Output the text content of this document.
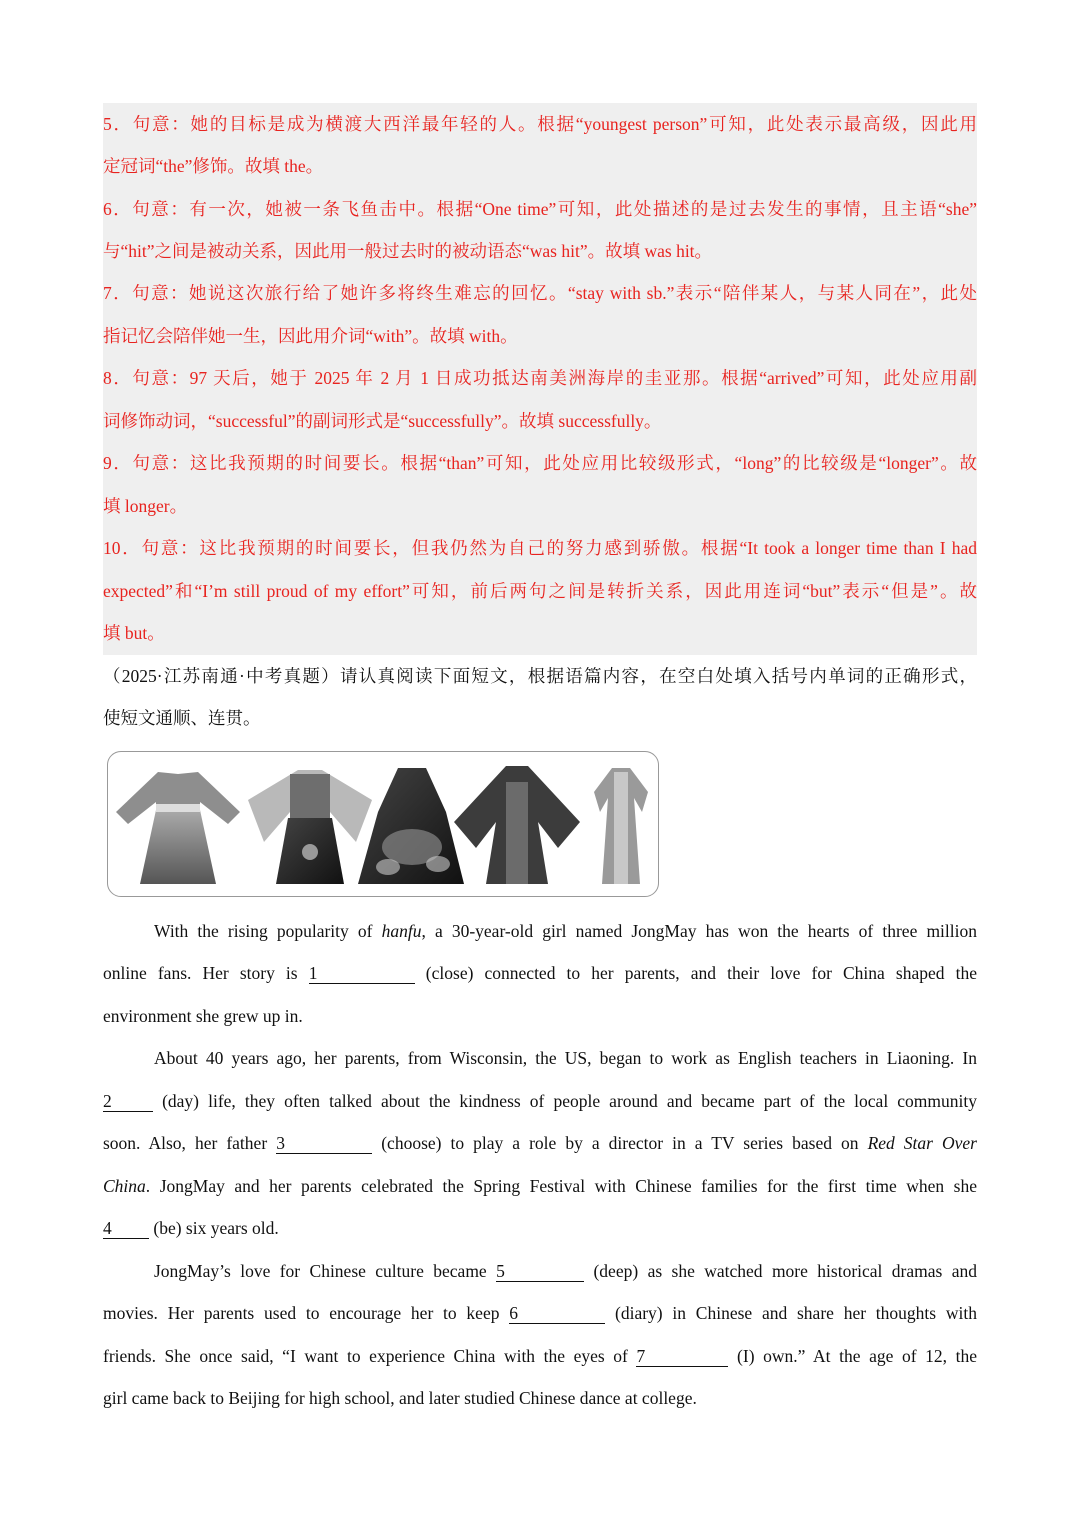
5．句意：她的目标是成为横渡大西洋最年轻的人。根据“youngest person”可知，此处表示最高级，因此用
定冠词“the”修饰。故填 the。
6．句意：有一次，她被一条飞鱼击中。根据“One time”可知，此处描述的是过去发生的事情，且主语“she”
与“hit”之间是被动关系，因此用一般过去时的被动语态“was hit”。故填 was hit。
7．句意：她说这次旅行给了她许多将终生难忘的回忆。“stay with sb.”表示“陪伴某人，与某人同在”，此处
指记忆会陪伴她一生，因此用介词“with”。故填 with。
8．句意：97 天后，她于 2025 年 2 月 1 日成功抵达南美洲海岸的圭亚那。根据“arrived”可知，此处应用副
词修饰动词，“successful”的副词形式是“successfully”。故填 successfully。
9．句意：这比我预期的时间要长。根据“than”可知，此处应用比较级形式，“long”的比较级是“longer”。故
填 longer。
10．句意：这比我预期的时间要长，但我仍然为自己的努力感到骄傲。根据“It took a longer time than I had
expected”和“I’m still proud of my effort”可知，前后两句之间是转折关系，因此用连词“but”表示“但是”。故
填 but。
（2025·江苏南通·中考真题）请认真阅读下面短文，根据语篇内容，在空白处填入括号内单词的正确形式，
使短文通顺、连贯。
With the rising popularity of hanfu, a 30-year-old girl named JongMay has won the hearts of three million
online fans. Her story is 1	(close) connected to her parents, and their love for China shaped the
environment she grew up in.
About 40 years ago, her parents, from Wisconsin, the US, began to work as English teachers in Liaoning. In
2 (day) life, they often talked about the kindness of people around and became part of the local community
soon. Also, her father 3	(choose) to play a role by a director in a TV series based on Red Star Over
China. JongMay and her parents celebrated the Spring Festival with Chinese families for the first time when she
4 (be) six years old.
JongMay’s love for Chinese culture became 5	(deep) as she watched more historical dramas and
movies. Her parents used to encourage her to keep 6	(diary) in Chinese and share her thoughts with
friends. She once said, “I want to experience China with the eyes of 7	(I) own.” At the age of 12, the
girl came back to Beijing for high school, and later studied Chinese dance at college.
